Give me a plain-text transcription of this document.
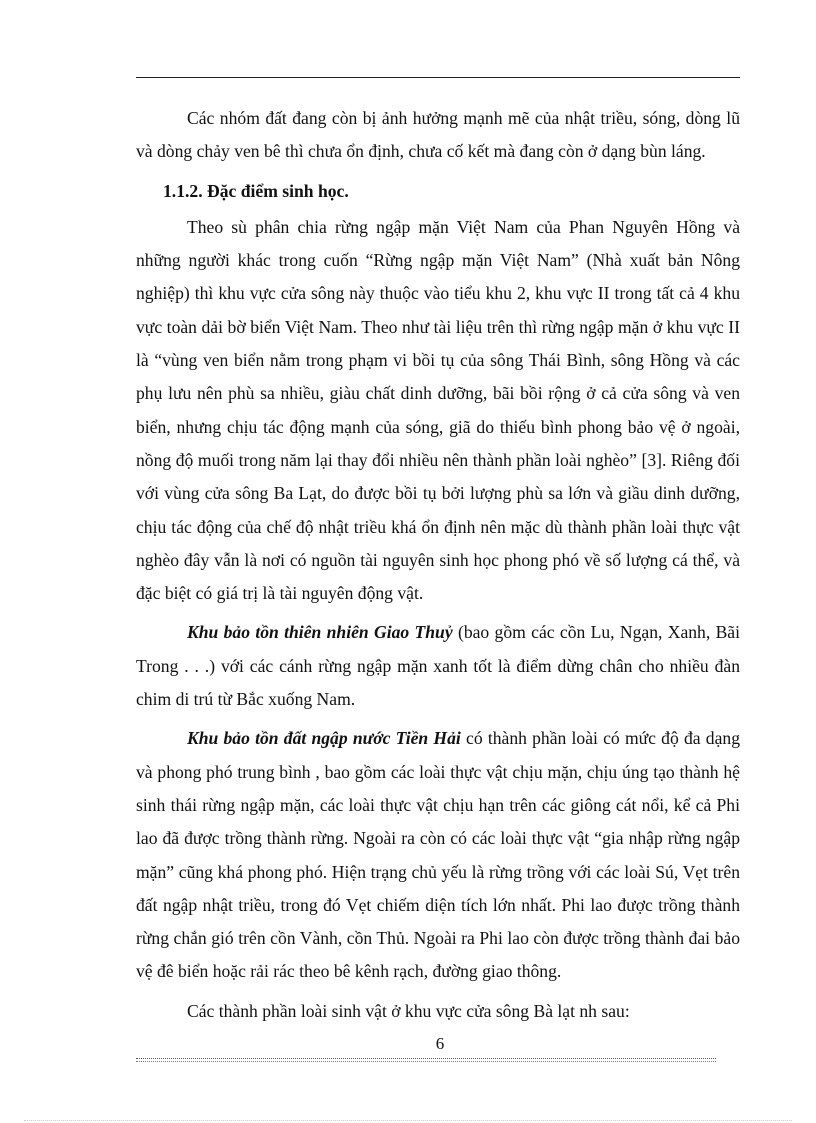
Các nhóm đất đang còn bị ảnh hưởng mạnh mẽ của nhật triều, sóng, dòng lũ và dòng chảy ven bê thì chưa ổn định, chưa cố kết mà đang còn ở dạng bùn láng.

1.1.2. Đặc điểm sinh học.

Theo sù phân chia rừng ngập mặn Việt Nam của Phan Nguyên Hồng và những người khác trong cuốn “Rừng ngập mặn Việt Nam” (Nhà xuất bản Nông nghiệp) thì khu vực cửa sông này thuộc vào tiểu khu 2, khu vực II trong tất cả 4 khu vực toàn dải bờ biển Việt Nam. Theo như tài liệu trên thì rừng ngập mặn ở khu vực II là “vùng ven biển nằm trong phạm vi bồi tụ của sông Thái Bình, sông Hồng và các phụ lưu nên phù sa nhiều, giàu chất dinh dưỡng, bãi bồi rộng ở cả cửa sông và ven biển, nhưng chịu tác động mạnh của sóng, giã do thiếu bình phong bảo vệ ở ngoài, nồng độ muối trong năm lại thay đổi nhiều nên thành phần loài nghèo” [3]. Riêng đối với vùng cửa sông Ba Lạt, do được bồi tụ bởi lượng phù sa lớn và giầu dinh dưỡng, chịu tác động của chế độ nhật triều khá ổn định nên mặc dù thành phần loài thực vật nghèo đây vẫn là nơi có nguồn tài nguyên sinh học phong phó về số lượng cá thể, và đặc biệt có giá trị là tài nguyên động vật.

Khu bảo tồn thiên nhiên Giao Thuỷ (bao gồm các cồn Lu, Ngạn, Xanh, Bãi Trong . . .) với các cánh rừng ngập mặn xanh tốt là điểm dừng chân cho nhiều đàn chim di trú từ Bắc xuống Nam.

Khu bảo tồn đất ngập nước Tiền Hải có thành phần loài có mức độ đa dạng và phong phó trung bình , bao gồm các loài thực vật chịu mặn, chịu úng tạo thành hệ sinh thái rừng ngập mặn, các loài thực vật chịu hạn trên các giông cát nổi, kể cả Phi lao đã được trồng thành rừng. Ngoài ra còn có các loài thực vật “gia nhập rừng ngập mặn” cũng khá phong phó. Hiện trạng chủ yếu là rừng trồng với các loài Sú, Vẹt trên đất ngập nhật triều, trong đó Vẹt chiếm diện tích lớn nhất. Phi lao được trồng thành rừng chắn gió trên cồn Vành, cồn Thủ. Ngoài ra Phi lao còn được trồng thành đai bảo vệ đê biển hoặc rải rác theo bê kênh rạch, đường giao thông.

Các thành phần loài sinh vật ở khu vực cửa sông Bà lạt nh sau:

6
